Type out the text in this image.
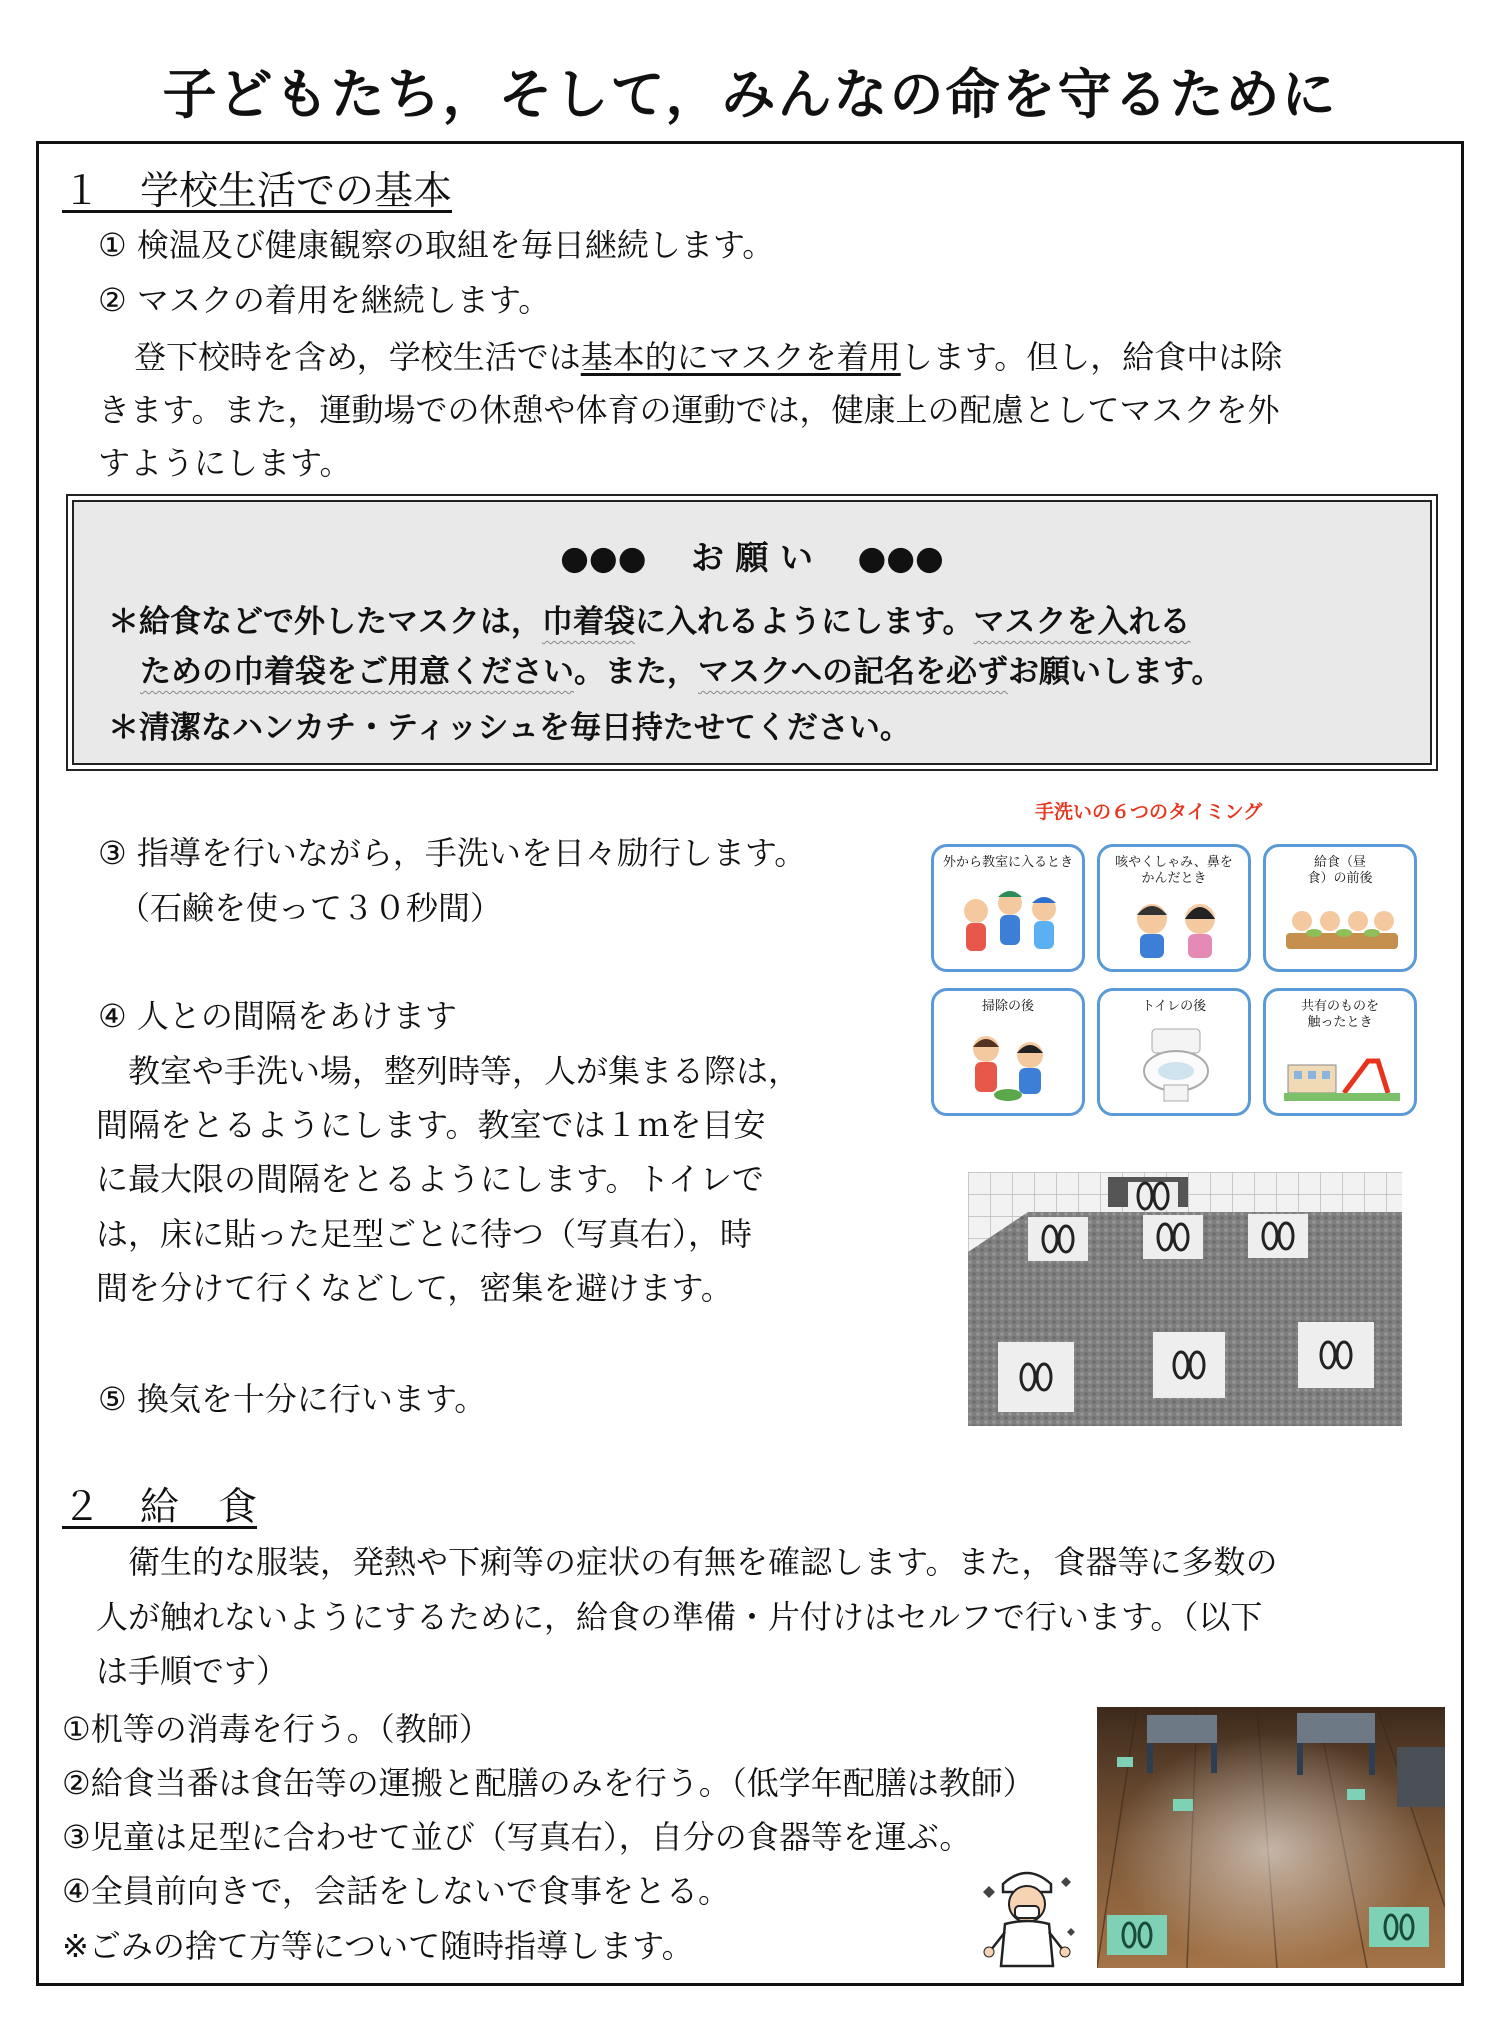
子どもたち，そして，みんなの命を守るために
１　学校生活での基本
① 検温及び健康観察の取組を毎日継続します。
② マスクの着用を継続します。
登下校時を含め，学校生活では基本的にマスクを着用します。但し，給食中は除
きます。また，運動場での休憩や体育の運動では，健康上の配慮としてマスクを外
すようにします。
●●●　 お 願 い 　●●●
＊給食などで外したマスクは，巾着袋に入れるようにします。マスクを入れる
ための巾着袋をご用意ください。また，マスクへの記名を必ずお願いします。
＊清潔なハンカチ・ティッシュを毎日持たせてください。
③ 指導を行いながら，手洗いを日々励行します。
（石鹸を使って３０秒間）
手洗いの６つのタイミング
外から教室に入るとき	咳やくしゃみ、鼻を
かんだとき
給食（昼
食）の前後
掃除の後	トイレの後	共有のものを
触ったとき
④ 人との間隔をあけます
　教室や手洗い場，整列時等，人が集まる際は，
間隔をとるようにします。教室では１ｍを目安
に最大限の間隔をとるようにします。トイレで
は，床に貼った足型ごとに待つ（写真右），時
間を分けて行くなどして，密集を避けます。
⑤ 換気を十分に行います。
２　給　食
　衛生的な服装，発熱や下痢等の症状の有無を確認します。また，食器等に多数の
人が触れないようにするために，給食の準備・片付けはセルフで行います。（以下
は手順です）
①机等の消毒を行う。（教師）
②給食当番は食缶等の運搬と配膳のみを行う。（低学年配膳は教師）
③児童は足型に合わせて並び（写真右），自分の食器等を運ぶ。
④全員前向きで，会話をしないで食事をとる。
※ごみの捨て方等について随時指導します。
